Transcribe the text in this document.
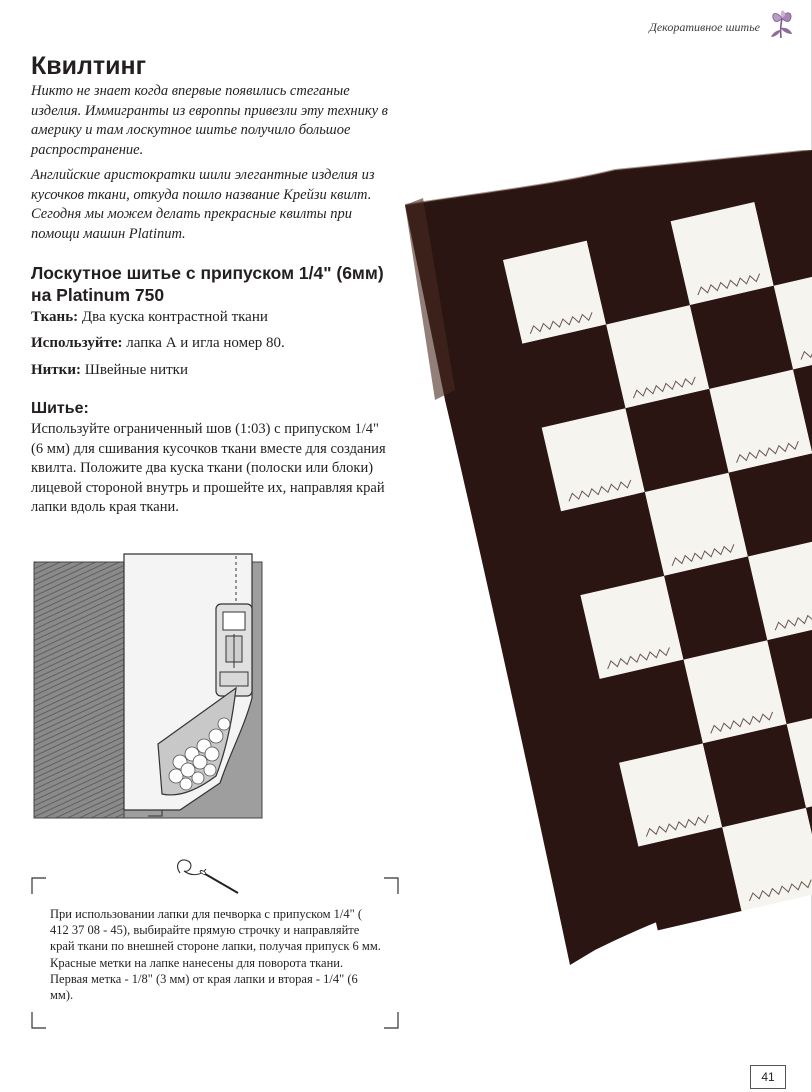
Декоративное шитье
Квилтинг

Никто не знает когда впервые появились стеганые изделия. Иммигранты из европпы привезли эту технику в америку и там лоскутное шитье получило большое распространение.

Английские аристократки шили элегантные изделия из кусочков ткани, откуда пошло название Крейзи квилт. Сегодня мы можем делать прекрасные квилты при помощи машин Platinum.

Лоскутное шитье с припуском 1/4" (6мм) на Platinum 750

Ткань: Два куска контрастной ткани

Используйте: лапка А и игла номер 80.

Нитки: Швейные нитки

Шитье:

Используйте ограниченный шов (1:03) с припуском 1/4" (6 мм) для сшивания кусочков ткани вместе для создания квилта. Положите два куска ткани (полоски или блоки) лицевой стороной внутрь и прошейте их, направляя край лапки вдоль края ткани.

При использовании лапки для печворка с припуском 1/4" ( 412 37 08 - 45), выбирайте прямую строчку и направляйте край ткани по внешней стороне лапки, получая припуск 6 мм. Красные метки на лапке нанесены для поворота ткани. Первая метка - 1/8" (3 мм) от края лапки и вторая - 1/4" (6 мм).

41
